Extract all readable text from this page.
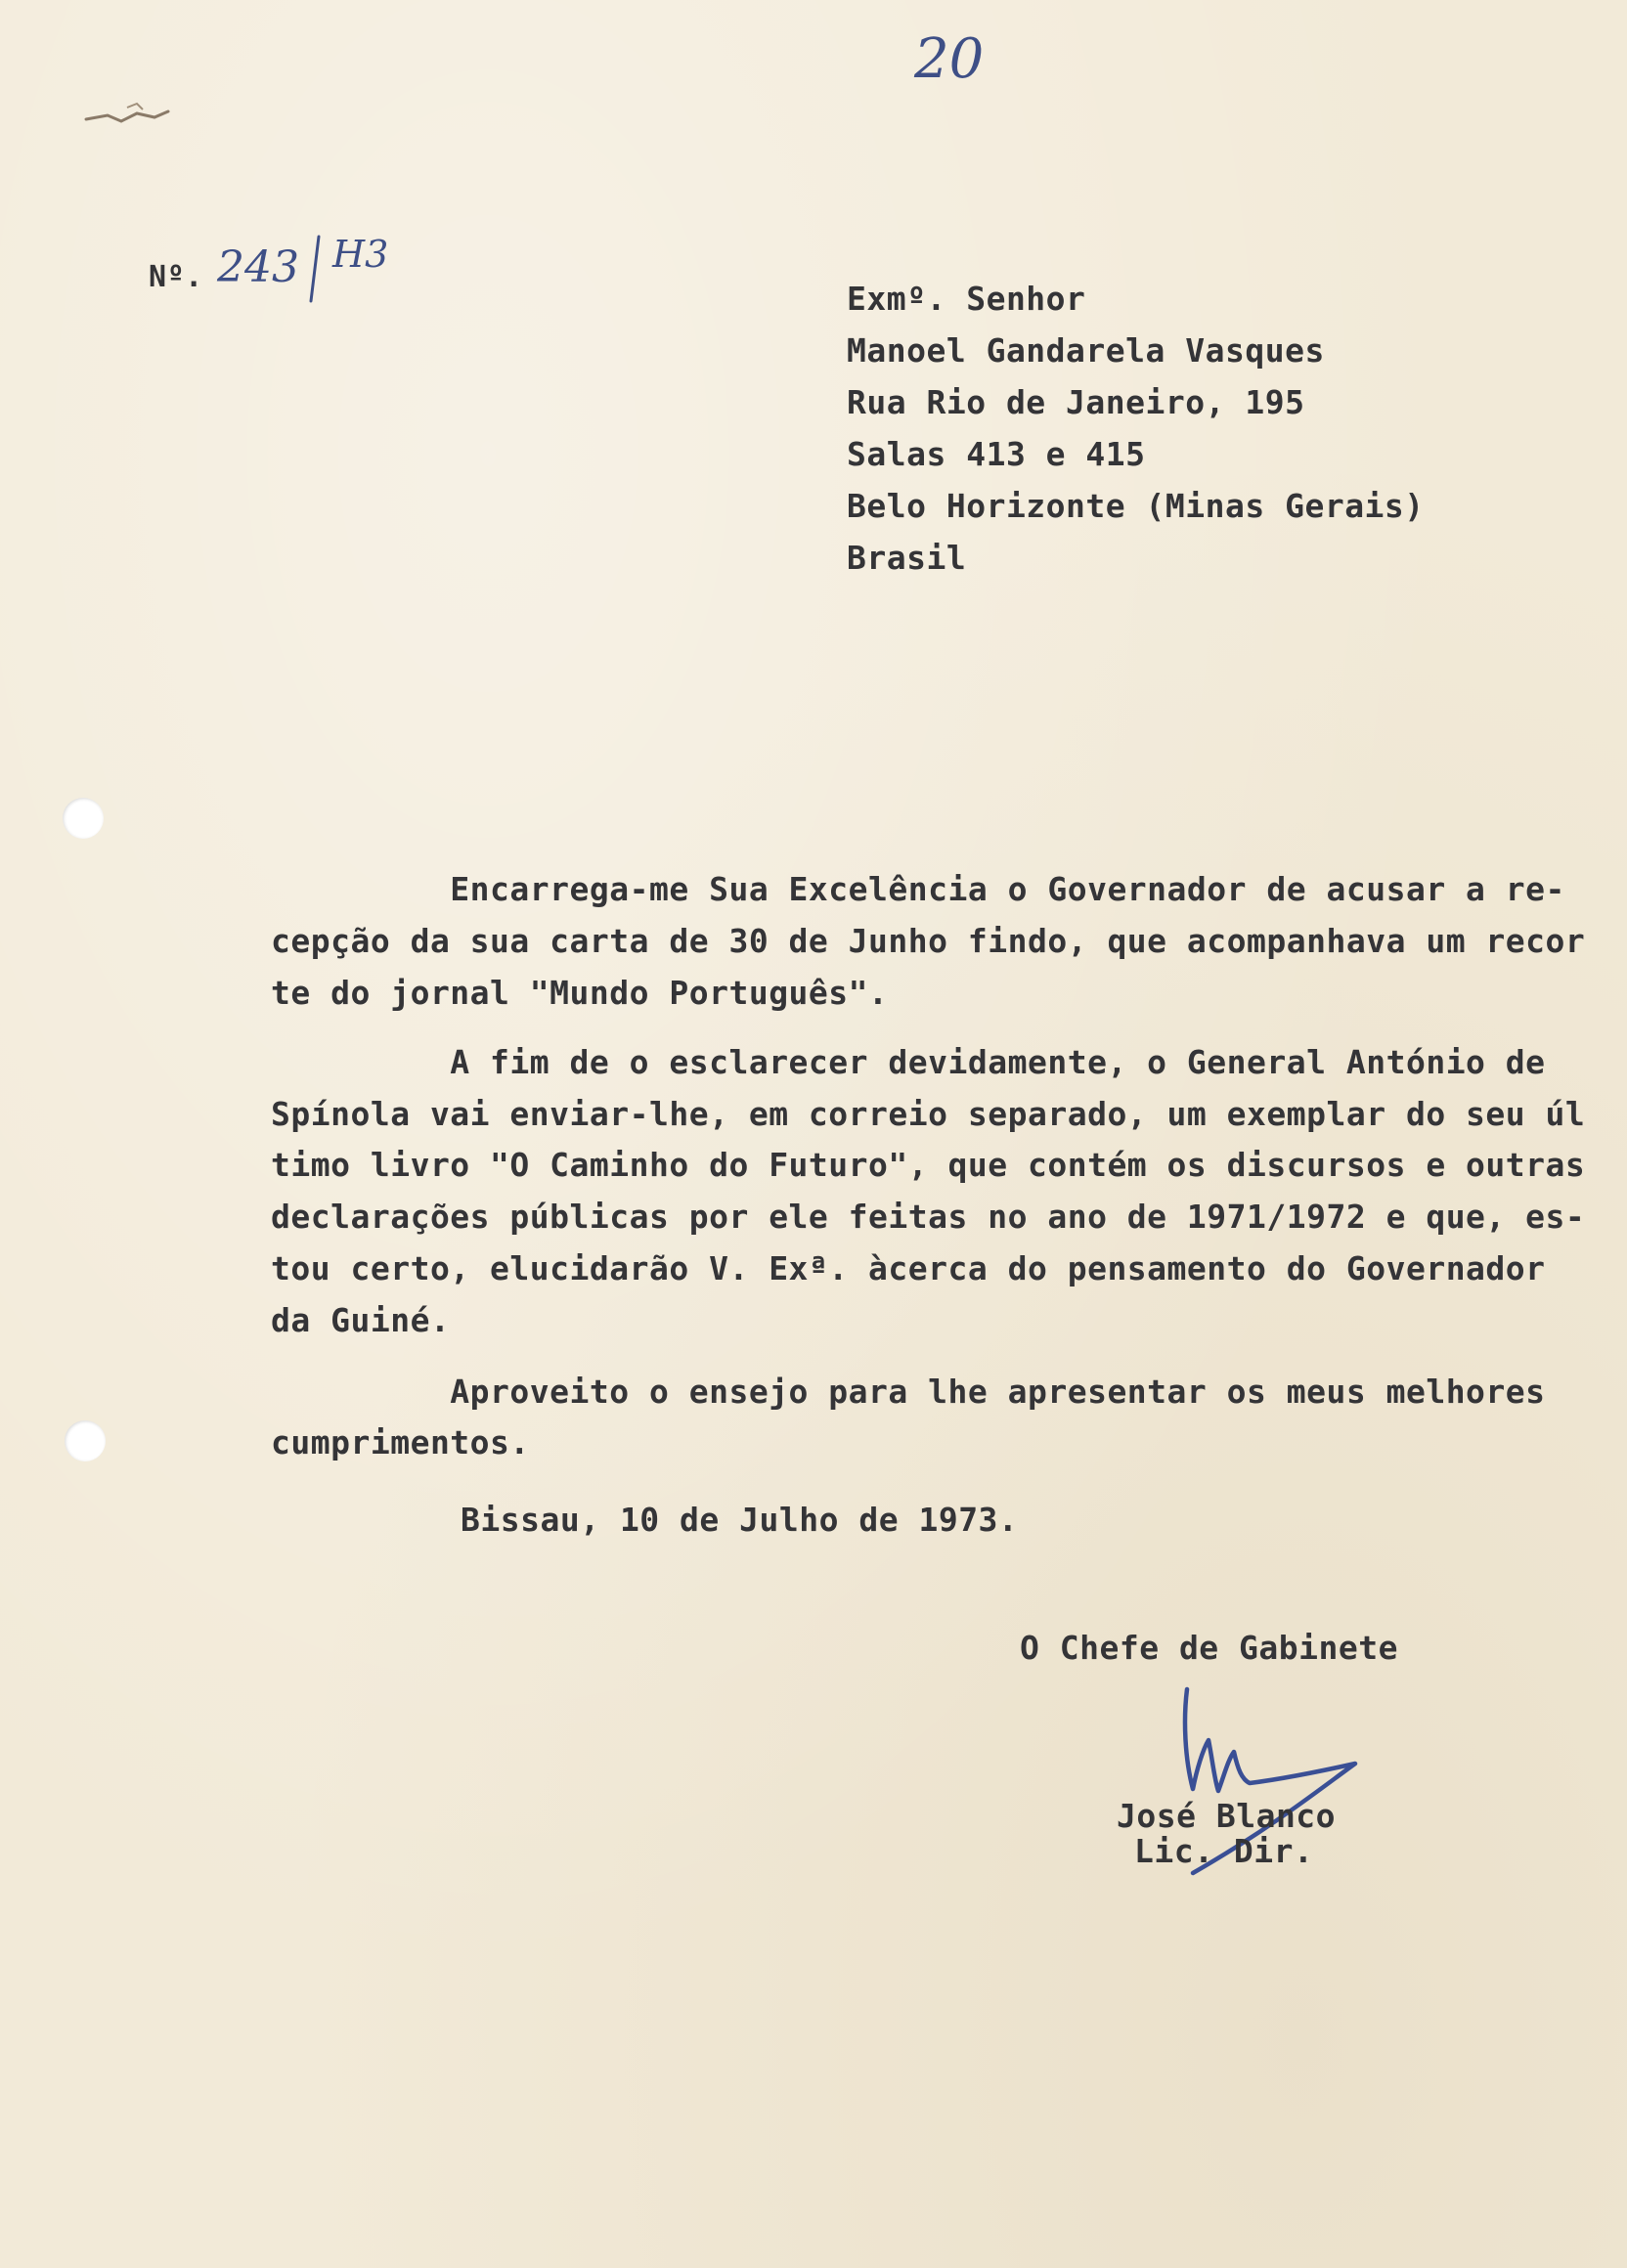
20
Nº. 243 H3

Exmº. Senhor

Manoel Gandarela Vasques

Rua Rio de Janeiro, 195

Salas 413 e 415

Belo Horizonte (Minas Gerais)

Brasil

Encarrega-me Sua Excelência o Governador de acusar a re-

cepção da sua carta de 30 de Junho findo, que acompanhava um recor

te do jornal "Mundo Português".

A fim de o esclarecer devidamente, o General António de

Spínola vai enviar-lhe, em correio separado, um exemplar do seu úl

timo livro "O Caminho do Futuro", que contém os discursos e outras

declarações públicas por ele feitas no ano de 1971/1972 e que, es-

tou certo, elucidarão V. Exª. àcerca do pensamento do Governador

da Guiné.

Aproveito o ensejo para lhe apresentar os meus melhores

cumprimentos.

Bissau, 10 de Julho de 1973.

O Chefe de Gabinete

José Blanco

Lic. Dir.
